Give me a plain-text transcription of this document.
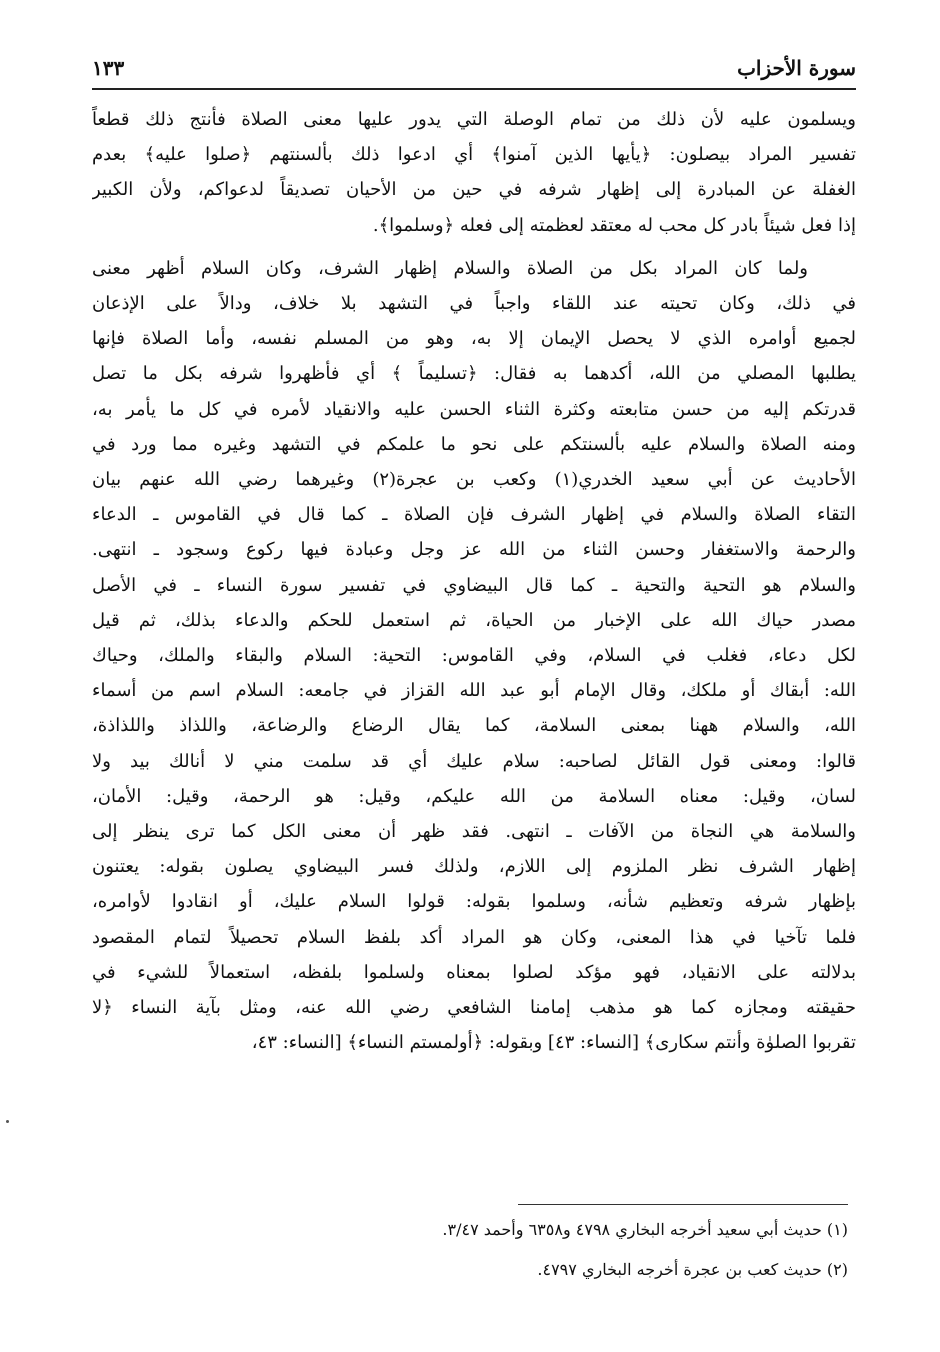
سورة الأحزاب
١٣٣
ويسلمون عليه لأن ذلك من تمام الوصلة التي يدور عليها معنى الصلاة فأنتج ذلك قطعاً
تفسير المراد بيصلون: ﴿يأيها الذين آمنوا﴾ أي ادعوا ذلك بألسنتهم ﴿صلوا عليه﴾ بعدم
الغفلة عن المبادرة إلى إظهار شرفه في حين من الأحيان تصديقاً لدعواكم، ولأن الكبير
إذا فعل شيئاً بادر كل محب له معتقد لعظمته إلى فعله ﴿وسلموا﴾.
ولما كان المراد بكل من الصلاة والسلام إظهار الشرف، وكان السلام أظهر معنى
في ذلك، وكان تحيته عند اللقاء واجباً في التشهد بلا خلاف، ودالاً على الإذعان
لجميع أوامره الذي لا يحصل الإيمان إلا به، وهو من المسلم نفسه، وأما الصلاة فإنها
يطلبها المصلي من الله، أكدهما به فقال: ﴿تسليماً ﴾ أي فأظهروا شرفه بكل ما تصل
قدرتكم إليه من حسن متابعته وكثرة الثناء الحسن عليه والانقياد لأمره في كل ما يأمر به،
ومنه الصلاة والسلام عليه بألسنتكم على نحو ما علمكم في التشهد وغيره مما ورد في
الأحاديث عن أبي سعيد الخدري(١) وكعب بن عجرة(٢) وغيرهما رضي الله عنهم بيان
التقاء الصلاة والسلام في إظهار الشرف فإن الصلاة ـ كما قال في القاموس ـ الدعاء
والرحمة والاستغفار وحسن الثناء من الله عز وجل وعبادة فيها ركوع وسجود ـ انتهى.
والسلام هو التحية والتحية ـ كما قال البيضاوي في تفسير سورة النساء ـ في الأصل
مصدر حياك الله على الإخبار من الحياة، ثم استعمل للحكم والدعاء بذلك، ثم قيل
لكل دعاء، فغلب في السلام، وفي القاموس: التحية: السلام والبقاء والملك، وحياك
الله: أبقاك أو ملكك، وقال الإمام أبو عبد الله القزاز في جامعه: السلام اسم من أسماء
الله، والسلام ههنا بمعنى السلامة، كما يقال الرضاع والرضاعة، واللذاذ واللذاذة،
قالوا: ومعنى قول القائل لصاحبه: سلام عليك أي قد سلمت مني لا أنالك بيد ولا
لسان، وقيل: معناه السلامة من الله عليكم، وقيل: هو الرحمة، وقيل: الأمان،
والسلامة هي النجاة من الآفات ـ انتهى. فقد ظهر أن معنى الكل كما ترى ينظر إلى
إظهار الشرف نظر الملزوم إلى اللازم، ولذلك فسر البيضاوي يصلون بقوله: يعتنون
بإظهار شرفه وتعظيم شأنه، وسلموا بقوله: قولوا السلام عليك، أو انقادوا لأوامره،
فلما تآخيا في هذا المعنى، وكان هو المراد أكد بلفظ السلام تحصيلاً لتمام المقصود
بدلالته على الانقياد، فهو مؤكد لصلوا بمعناه ولسلموا بلفظه، استعمالاً للشيء في
حقيقته ومجازه كما هو مذهب إمامنا الشافعي رضي الله عنه، ومثل بآية النساء ﴿لا
تقربوا الصلوٰة وأنتم سكارى﴾ [النساء: ٤٣] وبقوله: ﴿أولمستم النساء﴾ [النساء: ٤٣،
(١) حديث أبي سعيد أخرجه البخاري ٤٧٩٨ و٦٣٥٨ وأحمد ٣/٤٧.
(٢) حديث كعب بن عجرة أخرجه البخاري ٤٧٩٧.
